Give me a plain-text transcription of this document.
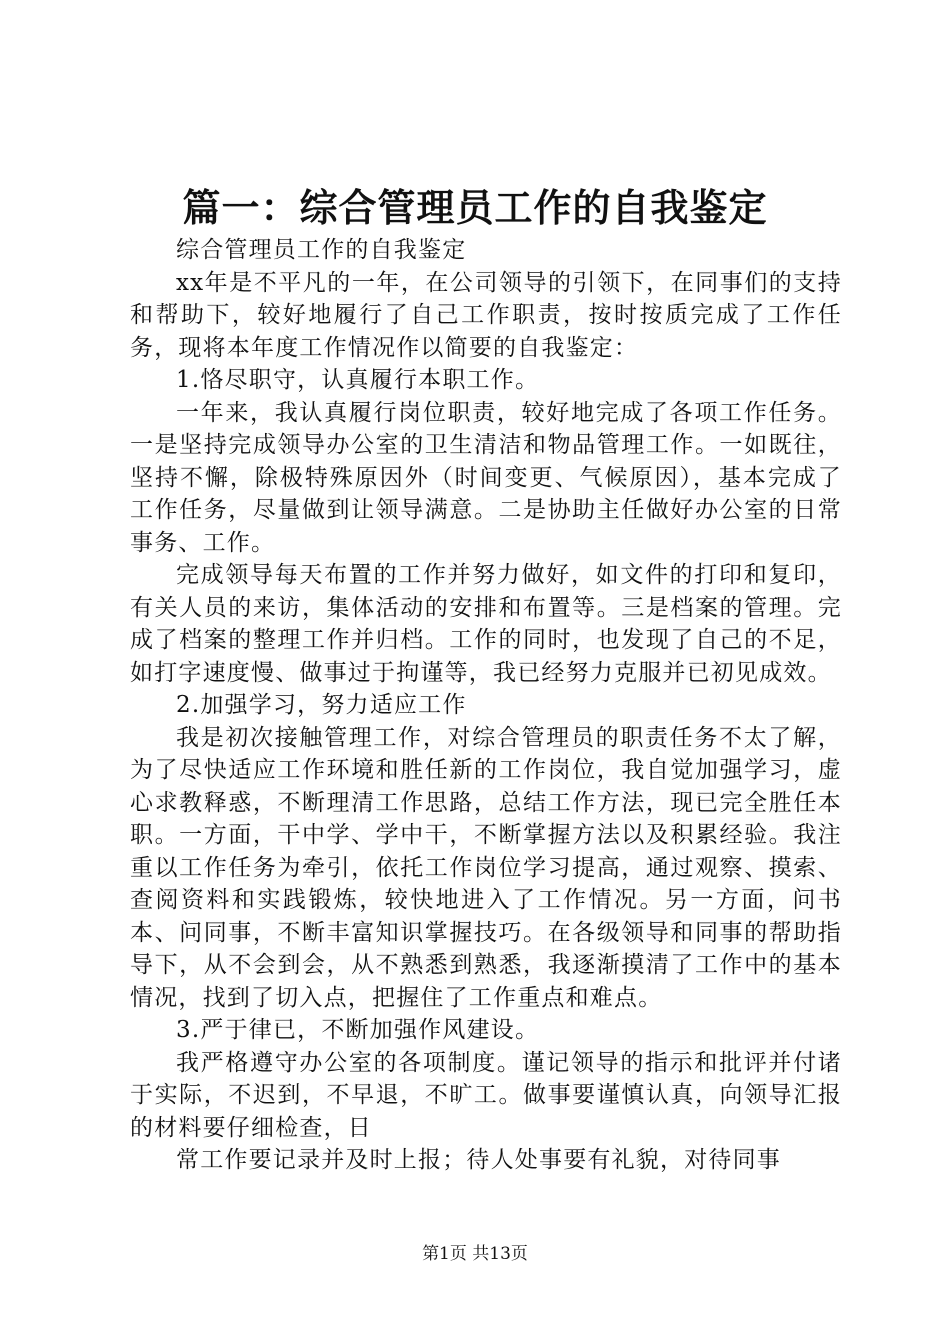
篇一：综合管理员工作的自我鉴定

综合管理员工作的自我鉴定

xx年是不平凡的一年，在公司领导的引领下，在同事们的支持和帮助下，较好地履行了自己工作职责，按时按质完成了工作任务，现将本年度工作情况作以简要的自我鉴定：

1.恪尽职守，认真履行本职工作。

一年来，我认真履行岗位职责，较好地完成了各项工作任务。一是坚持完成领导办公室的卫生清洁和物品管理工作。一如既往，坚持不懈，除极特殊原因外（时间变更、气候原因），基本完成了工作任务，尽量做到让领导满意。二是协助主任做好办公室的日常事务、工作。

完成领导每天布置的工作并努力做好，如文件的打印和复印，有关人员的来访，集体活动的安排和布置等。三是档案的管理。完成了档案的整理工作并归档。工作的同时，也发现了自己的不足，如打字速度慢、做事过于拘谨等，我已经努力克服并已初见成效。

2.加强学习，努力适应工作

我是初次接触管理工作，对综合管理员的职责任务不太了解，为了尽快适应工作环境和胜任新的工作岗位，我自觉加强学习，虚心求教释惑，不断理清工作思路，总结工作方法，现已完全胜任本职。一方面，干中学、学中干，不断掌握方法以及积累经验。我注重以工作任务为牵引，依托工作岗位学习提高，通过观察、摸索、查阅资料和实践锻炼，较快地进入了工作情况。另一方面，问书本、问同事，不断丰富知识掌握技巧。在各级领导和同事的帮助指导下，从不会到会，从不熟悉到熟悉，我逐渐摸清了工作中的基本情况，找到了切入点，把握住了工作重点和难点。

3.严于律已，不断加强作风建设。

我严格遵守办公室的各项制度。谨记领导的指示和批评并付诸于实际，不迟到，不早退，不旷工。做事要谨慎认真，向领导汇报的材料要仔细检查，日

常工作要记录并及时上报；待人处事要有礼貌，对待同事

第1页 共13页
